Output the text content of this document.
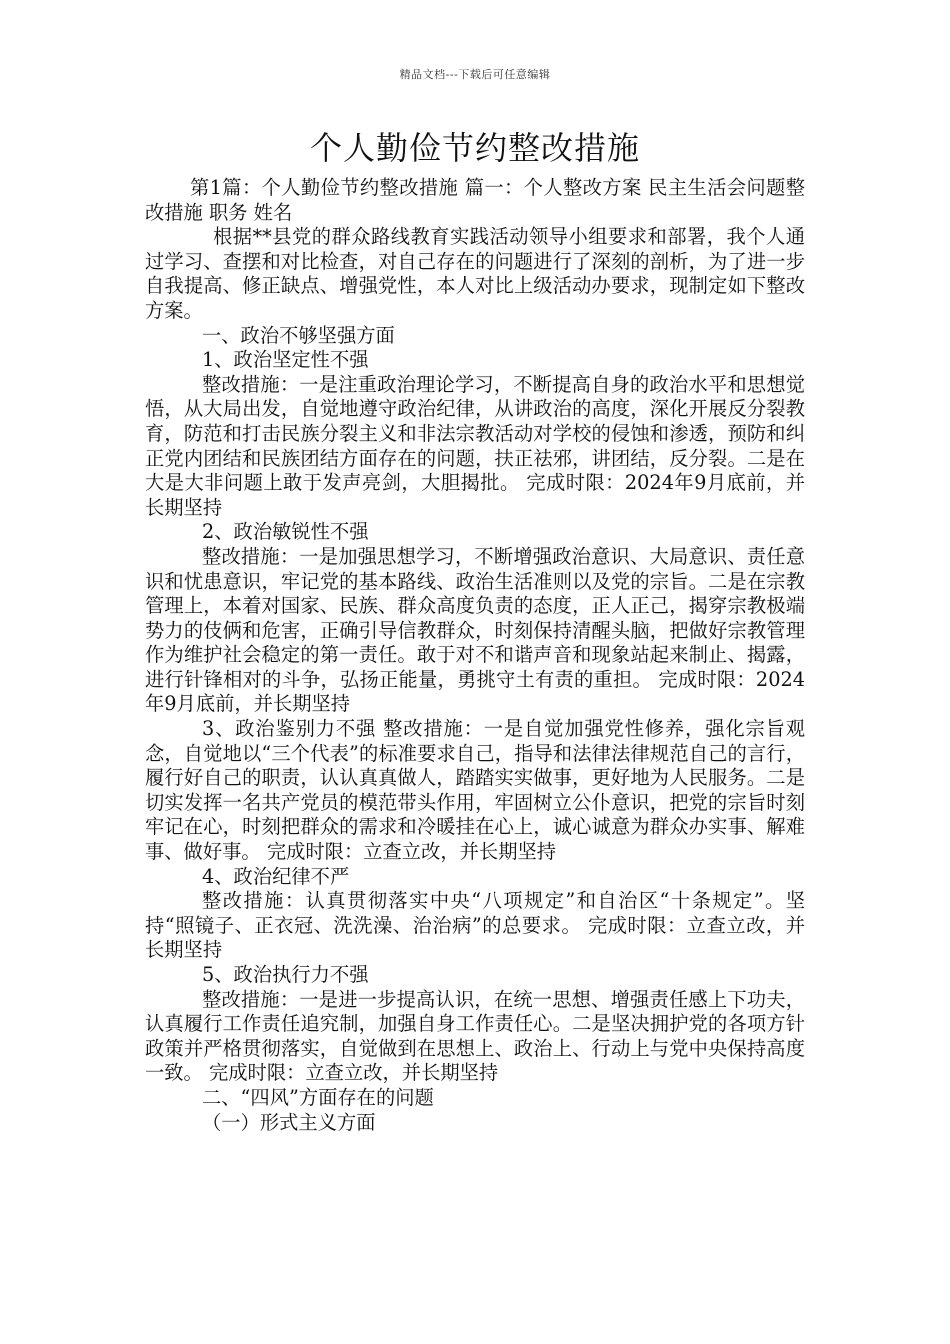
精品文档---下载后可任意编辑
个人勤俭节约整改措施

第1篇：个人勤俭节约整改措施 篇一：个人整改方案 民主生活会问题整改措施 职务 姓名

根据**县党的群众路线教育实践活动领导小组要求和部署，我个人通过学习、查摆和对比检查，对自己存在的问题进行了深刻的剖析，为了进一步自我提高、修正缺点、增强党性，本人对比上级活动办要求，现制定如下整改方案。

一、政治不够坚强方面

1、政治坚定性不强

整改措施：一是注重政治理论学习，不断提高自身的政治水平和思想觉悟，从大局出发，自觉地遵守政治纪律，从讲政治的高度，深化开展反分裂教育，防范和打击民族分裂主义和非法宗教活动对学校的侵蚀和渗透，预防和纠正党内团结和民族团结方面存在的问题，扶正祛邪，讲团结，反分裂。二是在大是大非问题上敢于发声亮剑，大胆揭批。 完成时限：2024年9月底前，并长期坚持

2、政治敏锐性不强

整改措施：一是加强思想学习，不断增强政治意识、大局意识、责任意识和忧患意识，牢记党的基本路线、政治生活准则以及党的宗旨。二是在宗教管理上，本着对国家、民族、群众高度负责的态度，正人正己，揭穿宗教极端势力的伎俩和危害，正确引导信教群众，时刻保持清醒头脑，把做好宗教管理作为维护社会稳定的第一责任。敢于对不和谐声音和现象站起来制止、揭露，进行针锋相对的斗争，弘扬正能量，勇挑守土有责的重担。 完成时限：2024年9月底前，并长期坚持

3、政治鉴别力不强 整改措施：一是自觉加强党性修养，强化宗旨观念，自觉地以“三个代表”的标准要求自己，指导和法律法律规范自己的言行，履行好自己的职责，认认真真做人，踏踏实实做事，更好地为人民服务。二是切实发挥一名共产党员的模范带头作用，牢固树立公仆意识，把党的宗旨时刻牢记在心，时刻把群众的需求和冷暖挂在心上，诚心诚意为群众办实事、解难事、做好事。 完成时限：立查立改，并长期坚持

4、政治纪律不严

整改措施：认真贯彻落实中央“八项规定”和自治区“十条规定”。坚持“照镜子、正衣冠、洗洗澡、治治病”的总要求。 完成时限：立查立改，并长期坚持

5、政治执行力不强

整改措施：一是进一步提高认识，在统一思想、增强责任感上下功夫，认真履行工作责任追究制，加强自身工作责任心。二是坚决拥护党的各项方针政策并严格贯彻落实，自觉做到在思想上、政治上、行动上与党中央保持高度一致。 完成时限：立查立改，并长期坚持

二、“四风”方面存在的问题

（一）形式主义方面
